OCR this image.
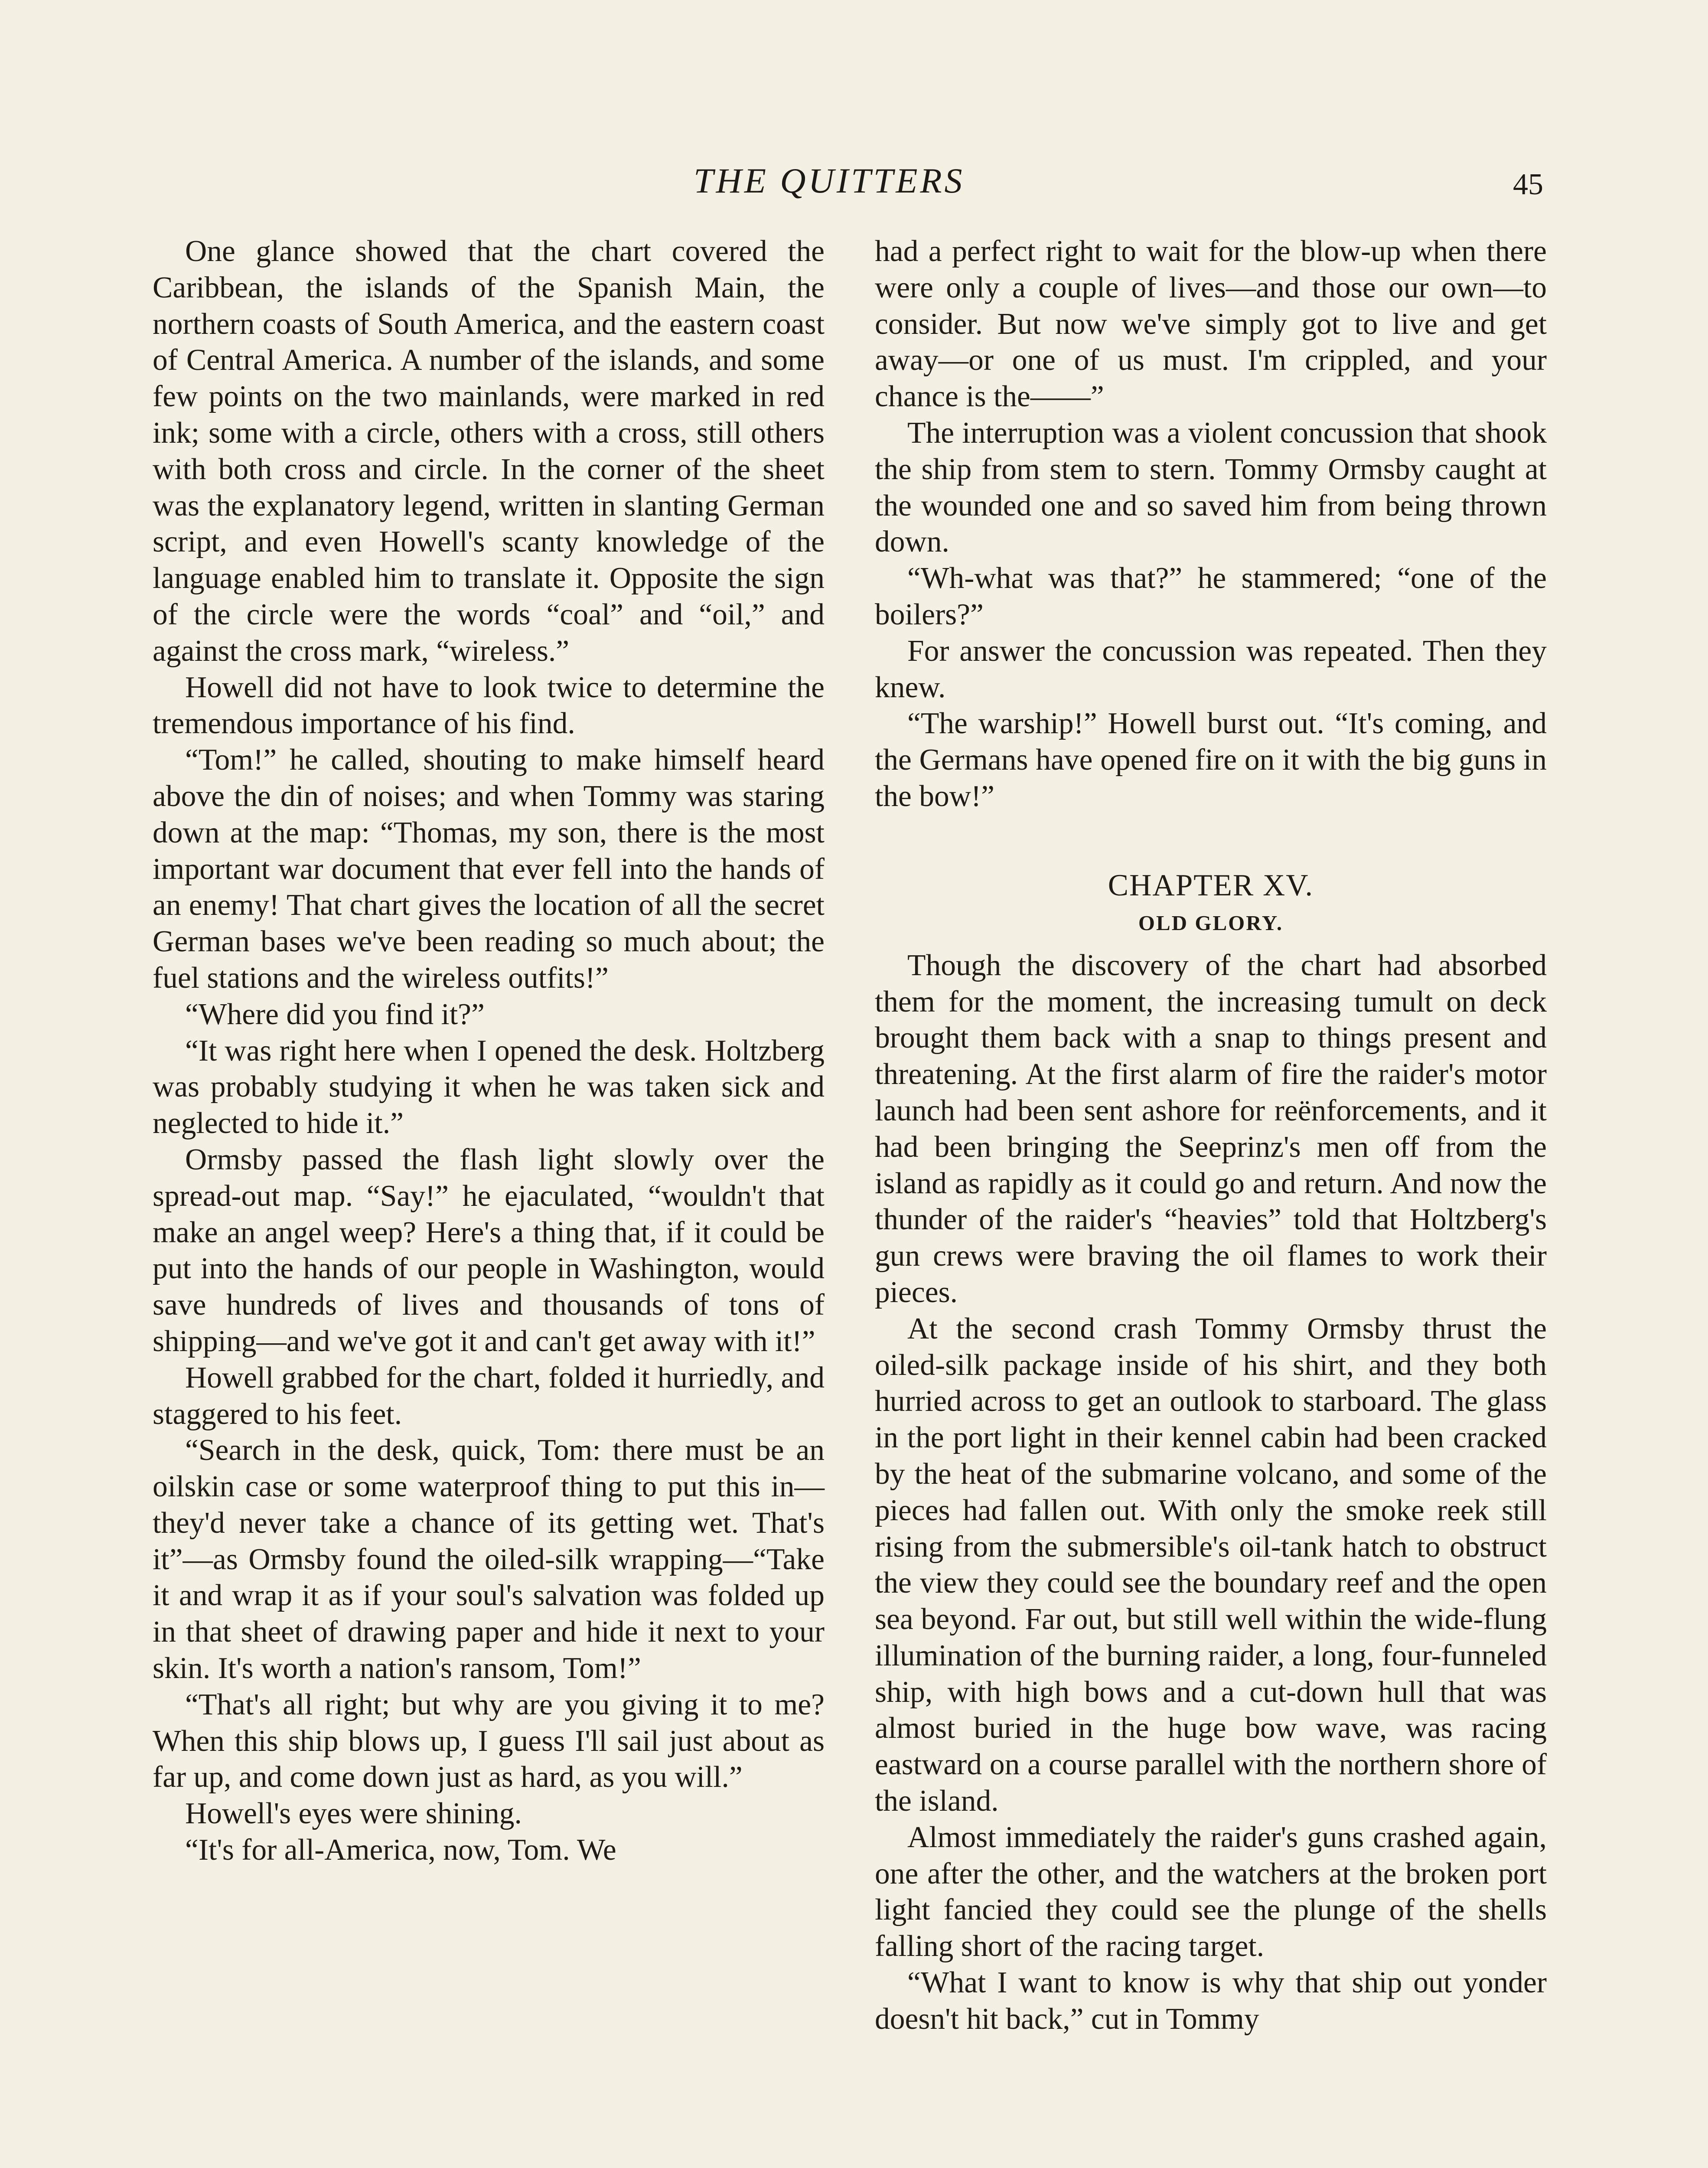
THE QUITTERS	45

One glance showed that the chart covered the Caribbean, the islands of the Spanish Main, the northern coasts of South America, and the eastern coast of Central America. A number of the islands, and some few points on the two mainlands, were marked in red ink; some with a circle, others with a cross, still others with both cross and circle. In the corner of the sheet was the explanatory legend, written in slanting German script, and even Howell's scanty knowledge of the language enabled him to translate it. Opposite the sign of the circle were the words “coal” and “oil,” and against the cross mark, “wireless.”

Howell did not have to look twice to determine the tremendous importance of his find.

“Tom!” he called, shouting to make himself heard above the din of noises; and when Tommy was staring down at the map: “Thomas, my son, there is the most important war document that ever fell into the hands of an enemy! That chart gives the location of all the secret German bases we've been reading so much about; the fuel stations and the wireless outfits!”

“Where did you find it?”

“It was right here when I opened the desk. Holtzberg was probably studying it when he was taken sick and neglected to hide it.”

Ormsby passed the flash light slowly over the spread-out map. “Say!” he ejaculated, “wouldn't that make an angel weep? Here's a thing that, if it could be put into the hands of our people in Washington, would save hundreds of lives and thousands of tons of shipping—and we've got it and can't get away with it!”

Howell grabbed for the chart, folded it hurriedly, and staggered to his feet.

“Search in the desk, quick, Tom: there must be an oilskin case or some waterproof thing to put this in—they'd never take a chance of its getting wet. That's it”—as Ormsby found the oiled-silk wrapping—“Take it and wrap it as if your soul's salvation was folded up in that sheet of drawing paper and hide it next to your skin. It's worth a nation's ransom, Tom!”

“That's all right; but why are you giving it to me? When this ship blows up, I guess I'll sail just about as far up, and come down just as hard, as you will.”

Howell's eyes were shining.

“It's for all-America, now, Tom. We

had a perfect right to wait for the blow-up when there were only a couple of lives—and those our own—to consider. But now we've simply got to live and get away—or one of us must. I'm crippled, and your chance is the——”

The interruption was a violent concussion that shook the ship from stem to stern. Tommy Ormsby caught at the wounded one and so saved him from being thrown down.

“Wh-what was that?” he stammered; “one of the boilers?”

For answer the concussion was repeated. Then they knew.

“The warship!” Howell burst out. “It's coming, and the Germans have opened fire on it with the big guns in the bow!”

CHAPTER XV.
OLD GLORY.

Though the discovery of the chart had absorbed them for the moment, the increasing tumult on deck brought them back with a snap to things present and threatening. At the first alarm of fire the raider's motor launch had been sent ashore for reënforcements, and it had been bringing the Seeprinz's men off from the island as rapidly as it could go and return. And now the thunder of the raider's “heavies” told that Holtzberg's gun crews were braving the oil flames to work their pieces.

At the second crash Tommy Ormsby thrust the oiled-silk package inside of his shirt, and they both hurried across to get an outlook to starboard. The glass in the port light in their kennel cabin had been cracked by the heat of the submarine volcano, and some of the pieces had fallen out. With only the smoke reek still rising from the submersible's oil-tank hatch to obstruct the view they could see the boundary reef and the open sea beyond. Far out, but still well within the wide-flung illumination of the burning raider, a long, four-funneled ship, with high bows and a cut-down hull that was almost buried in the huge bow wave, was racing eastward on a course parallel with the northern shore of the island.

Almost immediately the raider's guns crashed again, one after the other, and the watchers at the broken port light fancied they could see the plunge of the shells falling short of the racing target.

“What I want to know is why that ship out yonder doesn't hit back,” cut in Tommy
